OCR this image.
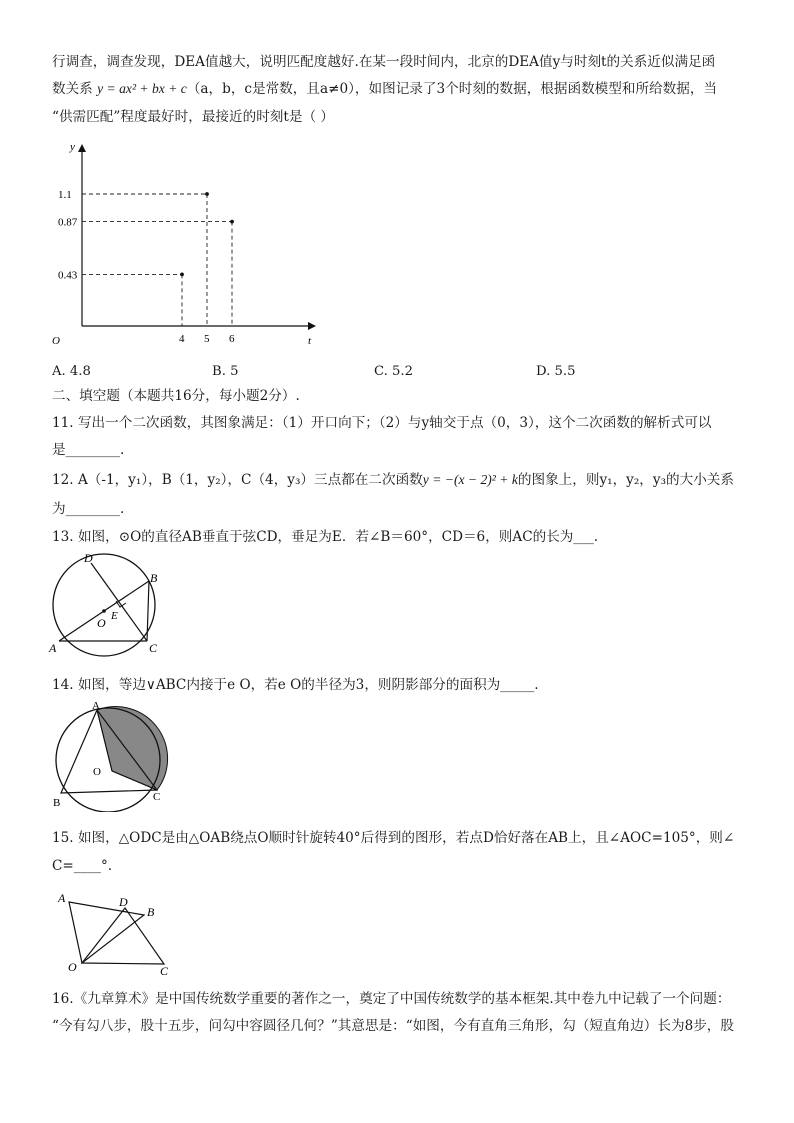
行调查，调查发现，DEA值越大，说明匹配度越好.在某一段时间内，北京的DEA值y与时刻t的关系近似满足函
数关系 y = ax² + bx + c（a，b，c是常数，且a≠0），如图记录了3个时刻的数据，根据函数模型和所给数据，当
“供需匹配”程度最好时，最接近的时刻t是（ ）
t
y
O	4 5 6
0.43
0.87
1.1
A. 4.8	B. 5	C. 5.2	D. 5.5
二、填空题（本题共16分，每小题2分）.
11. 写出一个二次函数，其图象满足：（1）开口向下；（2）与y轴交于点（0，3），这个二次函数的解析式可以
是________.
12. A（-1，y₁），B（1，y₂），C（4，y₃）三点都在二次函数y = −(x − 2)² + k的图象上，则y₁，y₂，y₃的大小关系
为________.
13. 如图，⊙O的直径AB垂直于弦CD，垂足为E．若∠B＝60°，CD＝6，则AC的长为___.
D
B
E
O
A	C
14. 如图，等边∨ABC内接于e O，若e O的半径为3，则阴影部分的面积为_____.
A
O
B	C
15. 如图，△ODC是由△OAB绕点O顺时针旋转40°后得到的图形，若点D恰好落在AB上，且∠AOC=105°，则∠
C=____°.
A	D
B
O	C
16.《九章算术》是中国传统数学重要的著作之一，奠定了中国传统数学的基本框架.其中卷九中记载了一个问题：
“今有勾八步，股十五步，问勾中容圆径几何？”其意思是：“如图，今有直角三角形，勾（短直角边）长为8步，股
